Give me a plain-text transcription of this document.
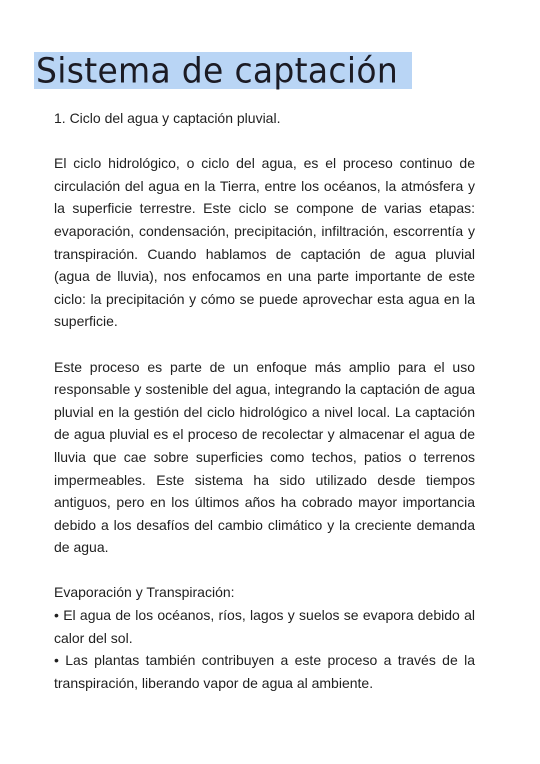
Sistema de captación

1. Ciclo del agua y captación pluvial.

El ciclo hidrológico, o ciclo del agua, es el proceso continuo de circulación del agua en la Tierra, entre los océanos, la atmósfera y la superficie terrestre. Este ciclo se compone de varias etapas: evaporación, condensación, precipitación, infiltración, escorrentía y transpiración. Cuando hablamos de captación de agua pluvial (agua de lluvia), nos enfocamos en una parte importante de este ciclo: la precipitación y cómo se puede aprovechar esta agua en la superficie.

Este proceso es parte de un enfoque más amplio para el uso responsable y sostenible del agua, integrando la captación de agua pluvial en la gestión del ciclo hidrológico a nivel local. La captación de agua pluvial es el proceso de recolectar y almacenar el agua de lluvia que cae sobre superficies como techos, patios o terrenos impermeables. Este sistema ha sido utilizado desde tiempos antiguos, pero en los últimos años ha cobrado mayor importancia debido a los desafíos del cambio climático y la creciente demanda de agua.

Evaporación y Transpiración:

• El agua de los océanos, ríos, lagos y suelos se evapora debido al calor del sol.

• Las plantas también contribuyen a este proceso a través de la transpiración, liberando vapor de agua al ambiente.
